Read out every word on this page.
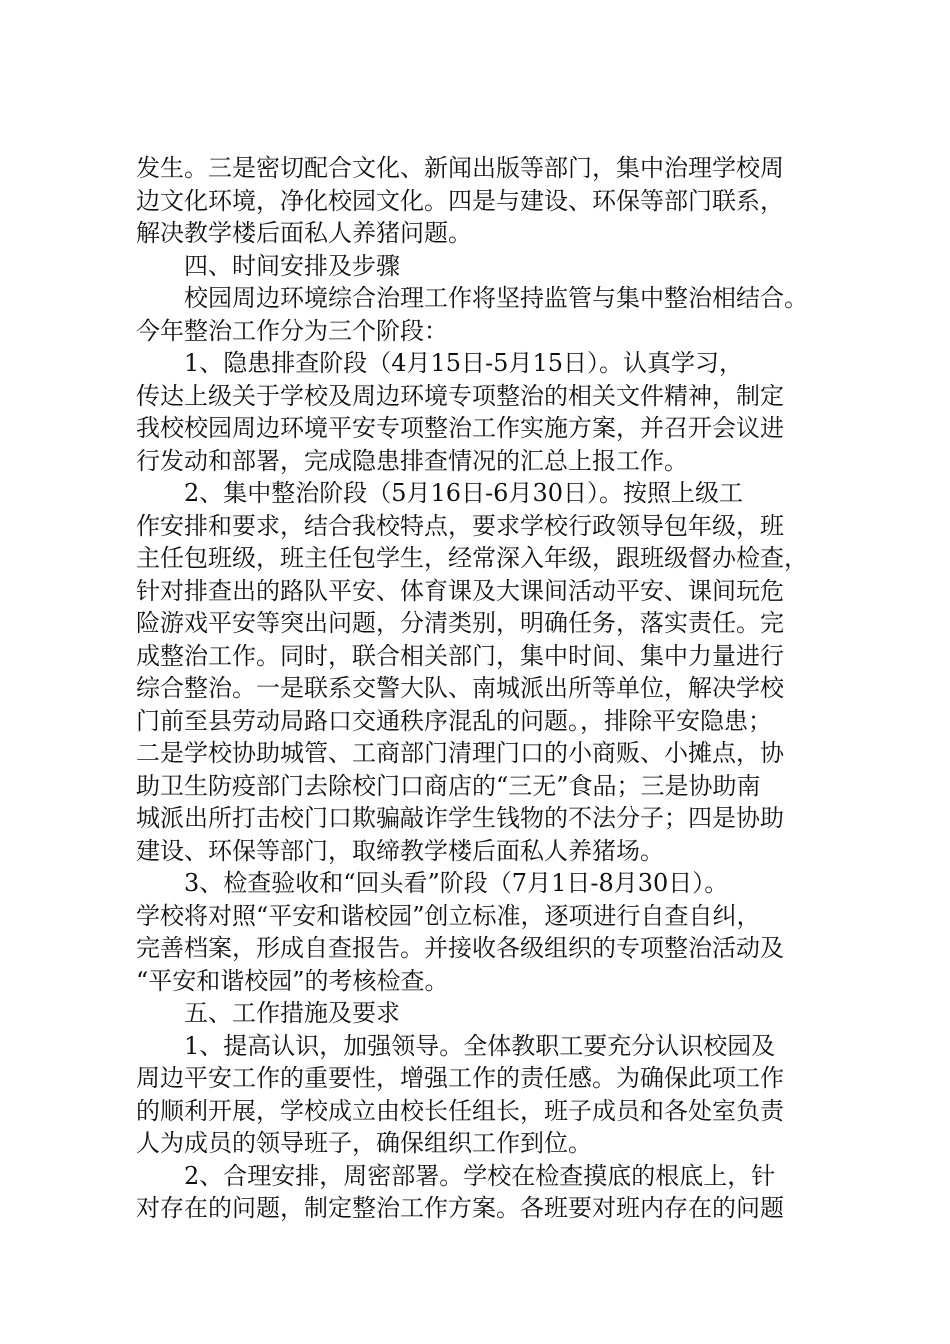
发生。三是密切配合文化、新闻出版等部门，集中治理学校周
边文化环境，净化校园文化。四是与建设、环保等部门联系，
解决教学楼后面私人养猪问题。
四、时间安排及步骤
校园周边环境综合治理工作将坚持监管与集中整治相结合。
今年整治工作分为三个阶段：
1、隐患排查阶段（4月15日-5月15日）。认真学习，
传达上级关于学校及周边环境专项整治的相关文件精神，制定
我校校园周边环境平安专项整治工作实施方案，并召开会议进
行发动和部署，完成隐患排查情况的汇总上报工作。
2、集中整治阶段（5月16日-6月30日）。按照上级工
作安排和要求，结合我校特点，要求学校行政领导包年级，班
主任包班级，班主任包学生，经常深入年级，跟班级督办检查，
针对排查出的路队平安、体育课及大课间活动平安、课间玩危
险游戏平安等突出问题，分清类别，明确任务，落实责任。完
成整治工作。同时，联合相关部门，集中时间、集中力量进行
综合整治。一是联系交警大队、南城派出所等单位，解决学校
门前至县劳动局路口交通秩序混乱的问题。，排除平安隐患；
二是学校协助城管、工商部门清理门口的小商贩、小摊点，协
助卫生防疫部门去除校门口商店的“三无”食品；三是协助南
城派出所打击校门口欺骗敲诈学生钱物的不法分子；四是协助
建设、环保等部门，取缔教学楼后面私人养猪场。
3、检查验收和“回头看”阶段（7月1日-8月30日）。
学校将对照“平安和谐校园”创立标准，逐项进行自查自纠，
完善档案，形成自查报告。并接收各级组织的专项整治活动及
“平安和谐校园”的考核检查。
五、工作措施及要求
1、提高认识，加强领导。全体教职工要充分认识校园及
周边平安工作的重要性，增强工作的责任感。为确保此项工作
的顺利开展，学校成立由校长任组长，班子成员和各处室负责
人为成员的领导班子，确保组织工作到位。
2、合理安排，周密部署。学校在检查摸底的根底上，针
对存在的问题，制定整治工作方案。各班要对班内存在的问题
